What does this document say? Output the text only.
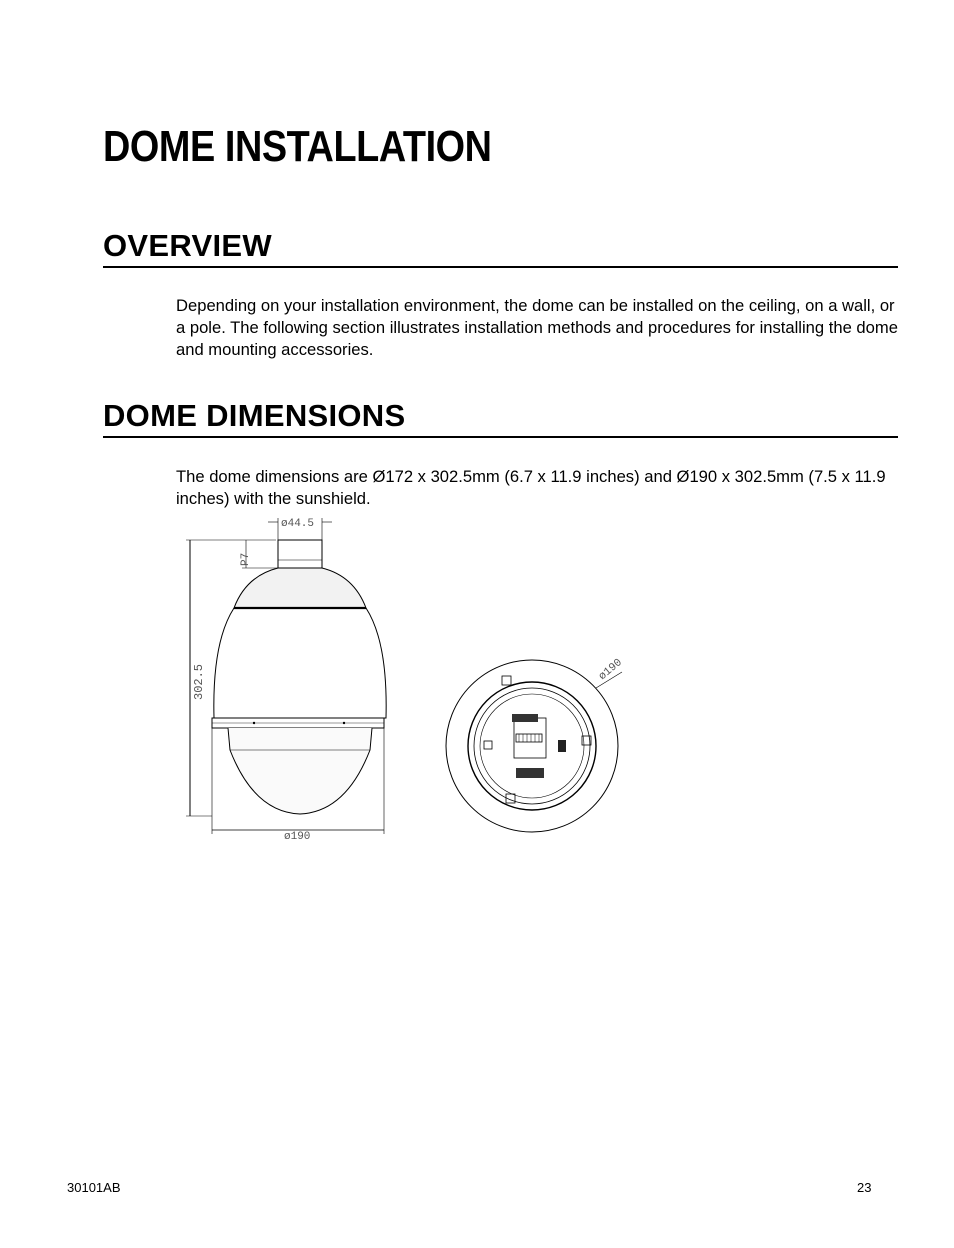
DOME INSTALLATION
OVERVIEW

Depending on your installation environment, the dome can be installed on the ceiling, on a wall, or a pole. The following section illustrates installation methods and procedures for installing the dome and mounting accessories.

DOME DIMENSIONS

The dome dimensions are Ø172 x 302.5mm (6.7 x 11.9 inches) and Ø190 x 302.5mm (7.5 x 11.9 inches) with the sunshield.

ø44.5
P7
302.5
ø190
ø190
30101AB	23
